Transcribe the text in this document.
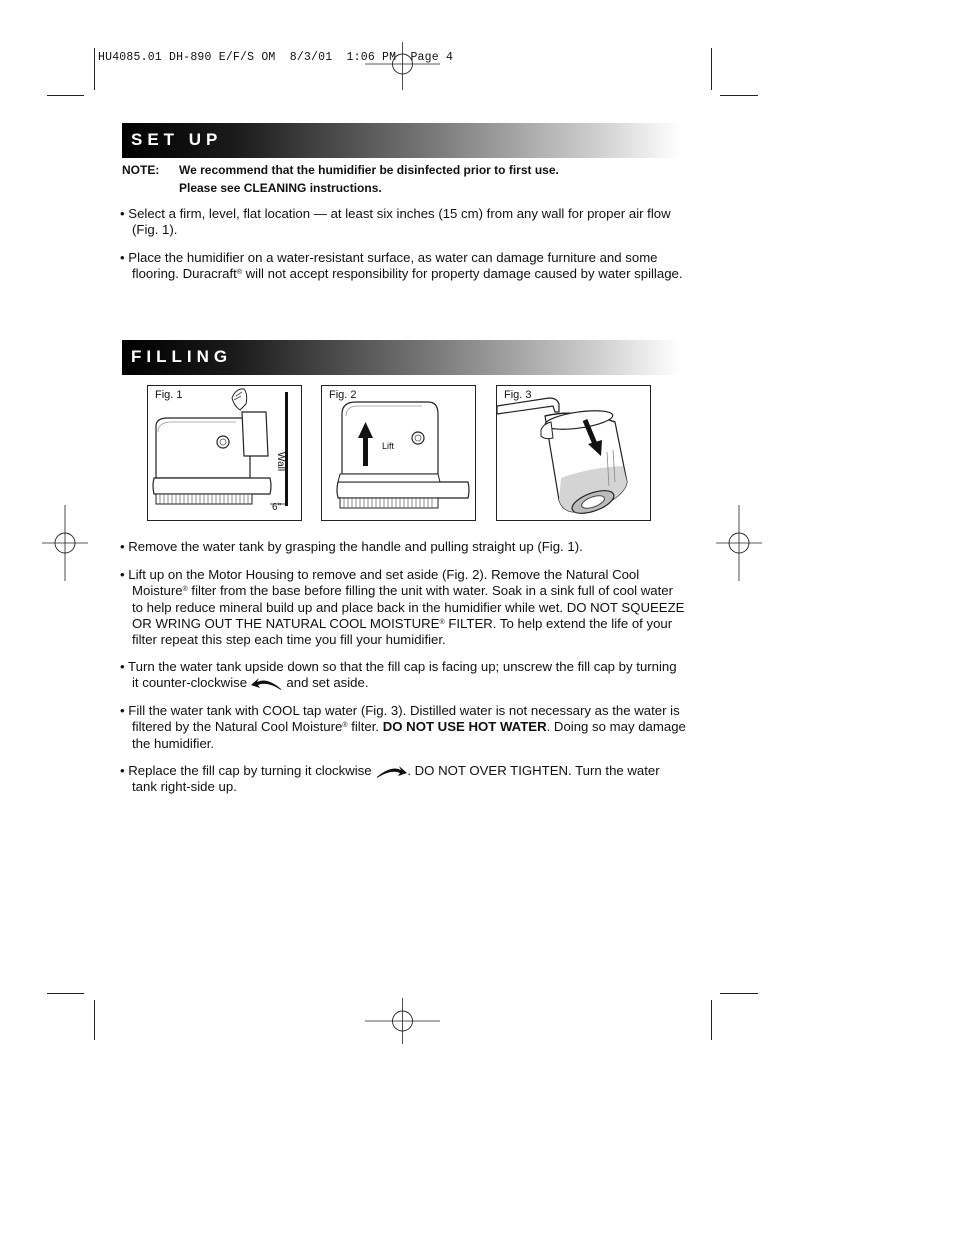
HU4085.01 DH-890 E/F/S OM  8/3/01  1:06 PM  Page 4
SET UP
NOTE: We recommend that the humidifier be disinfected prior to first use.
Please see CLEANING instructions.
• Select a firm, level, flat location — at least six inches (15 cm) from any wall for proper air flow (Fig. 1).
• Place the humidifier on a water-resistant surface, as water can damage furniture and some flooring. Duracraft® will not accept responsibility for property damage caused by water spillage.
FILLING
Fig. 1
Wall
6"
Fig. 2
Lift
Fig. 3
• Remove the water tank by grasping the handle and pulling straight up (Fig. 1).
• Lift up on the Motor Housing to remove and set aside (Fig. 2). Remove the Natural Cool Moisture® filter from the base before filling the unit with water. Soak in a sink full of cool water to help reduce mineral build up and place back in the humidifier while wet. DO NOT SQUEEZE OR WRING OUT THE NATURAL COOL MOISTURE® FILTER. To help extend the life of your filter repeat this step each time you fill your humidifier.
• Turn the water tank upside down so that the fill cap is facing up; unscrew the fill cap by turning it counter-clockwise	and set aside.
• Fill the water tank with COOL tap water (Fig. 3). Distilled water is not necessary as the water is filtered by the Natural Cool Moisture® filter. DO NOT USE HOT WATER. Doing so may damage the humidifier.
• Replace the fill cap by turning it clockwise	. DO NOT OVER TIGHTEN. Turn the water tank right-side up.
